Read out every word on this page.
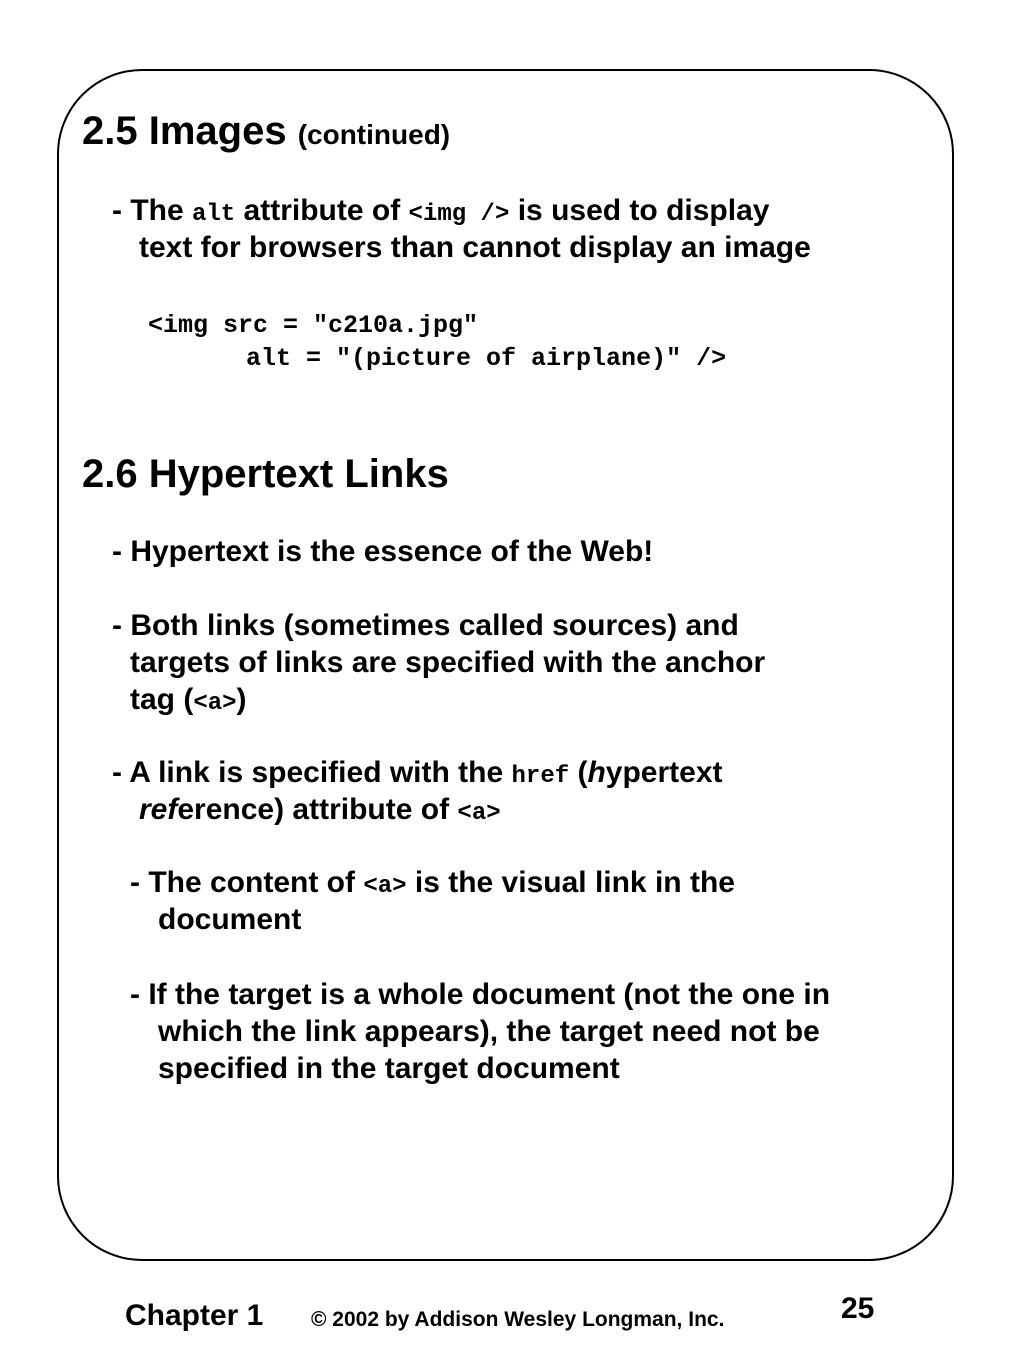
2.5 Images (continued)
- The alt attribute of <img /> is used to display
text for browsers than cannot display an image
<img src = "c210a.jpg"
alt = "(picture of airplane)" />
2.6 Hypertext Links
- Hypertext is the essence of the Web!
- Both links (sometimes called sources) and
targets of links are specified with the anchor
tag (<a>)
- A link is specified with the href (hypertext
reference) attribute of <a>
- The content of <a> is the visual link in the
document
- If the target is a whole document (not the one in
which the link appears), the target need not be
specified in the target document
Chapter 1 © 2002 by Addison Wesley Longman, Inc.	25
